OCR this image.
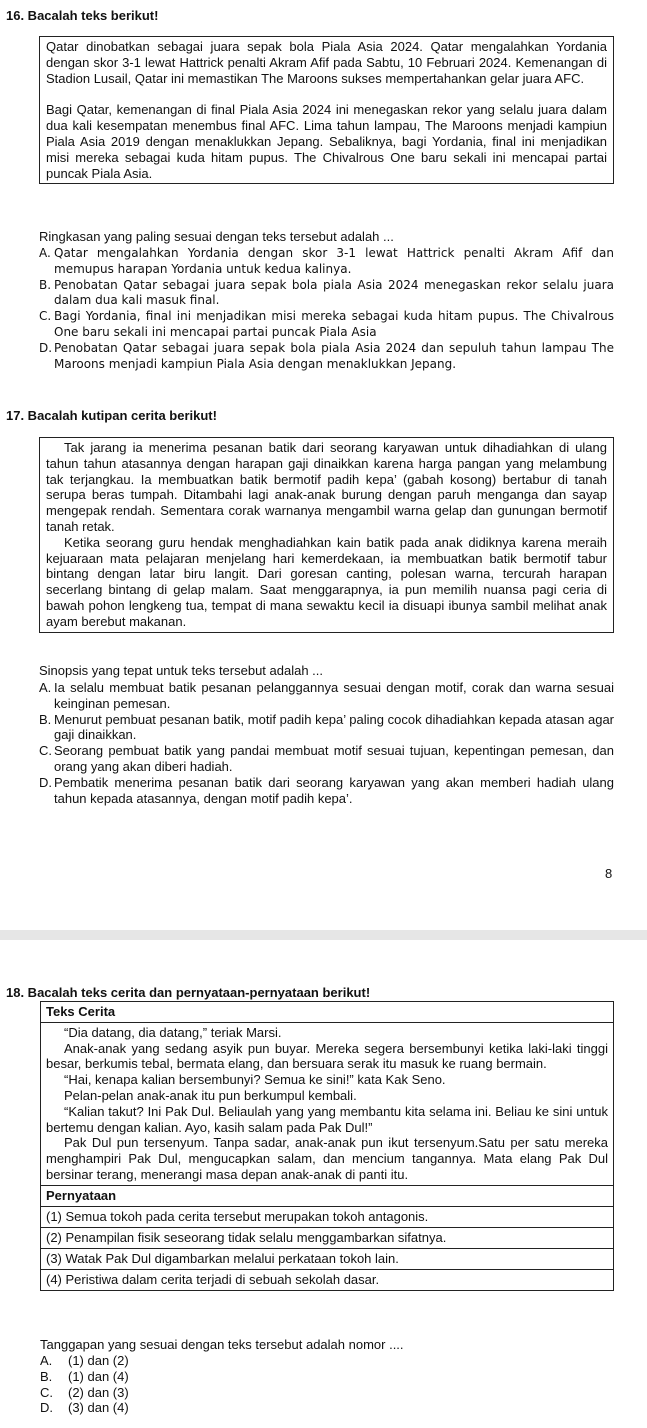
16. Bacalah teks berikut!

Qatar dinobatkan sebagai juara sepak bola Piala Asia 2024. Qatar mengalahkan Yordania dengan skor 3-1 lewat Hattrick penalti Akram Afif pada Sabtu, 10 Februari 2024. Kemenangan di Stadion Lusail, Qatar ini memastikan The Maroons sukses mempertahankan gelar juara AFC.

Bagi Qatar, kemenangan di final Piala Asia 2024 ini menegaskan rekor yang selalu juara dalam dua kali kesempatan menembus final AFC. Lima tahun lampau, The Maroons menjadi kampiun Piala Asia 2019 dengan menaklukkan Jepang. Sebaliknya, bagi Yordania, final ini menjadikan misi mereka sebagai kuda hitam pupus. The Chivalrous One baru sekali ini mencapai partai puncak Piala Asia.

Ringkasan yang paling sesuai dengan teks tersebut adalah ...
A. Qatar mengalahkan Yordania dengan skor 3-1 lewat Hattrick penalti Akram Afif dan memupus harapan Yordania untuk kedua kalinya.
B. Penobatan Qatar sebagai juara sepak bola piala Asia 2024 menegaskan rekor selalu juara dalam dua kali masuk final.
C. Bagi Yordania, final ini menjadikan misi mereka sebagai kuda hitam pupus. The Chivalrous One baru sekali ini mencapai partai puncak Piala Asia
D. Penobatan Qatar sebagai juara sepak bola piala Asia 2024 dan sepuluh tahun lampau The Maroons menjadi kampiun Piala Asia dengan menaklukkan Jepang.
17. Bacalah kutipan cerita berikut!

Tak jarang ia menerima pesanan batik dari seorang karyawan untuk dihadiahkan di ulang tahun tahun atasannya dengan harapan gaji dinaikkan karena harga pangan yang melambung tak terjangkau. Ia membuatkan batik bermotif padih kepa’ (gabah kosong) bertabur di tanah serupa beras tumpah. Ditambahi lagi anak-anak burung dengan paruh menganga dan sayap mengepak rendah. Sementara corak warnanya mengambil warna gelap dan gunungan bermotif tanah retak.

Ketika seorang guru hendak menghadiahkan kain batik pada anak didiknya karena meraih kejuaraan mata pelajaran menjelang hari kemerdekaan, ia membuatkan batik bermotif tabur bintang dengan latar biru langit. Dari goresan canting, polesan warna, tercurah harapan secerlang bintang di gelap malam. Saat menggarapnya, ia pun memilih nuansa pagi ceria di bawah pohon lengkeng tua, tempat di mana sewaktu kecil ia disuapi ibunya sambil melihat anak ayam berebut makanan.

Sinopsis yang tepat untuk teks tersebut adalah ...
A. Ia selalu membuat batik pesanan pelanggannya sesuai dengan motif, corak dan warna sesuai keinginan pemesan.
B. Menurut pembuat pesanan batik, motif padih kepa’ paling cocok dihadiahkan kepada atasan agar gaji dinaikkan.
C. Seorang pembuat batik yang pandai membuat motif sesuai tujuan, kepentingan pemesan, dan orang yang akan diberi hadiah.
D. Pembatik menerima pesanan batik dari seorang karyawan yang akan memberi hadiah ulang tahun kepada atasannya, dengan motif padih kepa’.
8
18. Bacalah teks cerita dan pernyataan-pernyataan berikut!
Teks Cerita

“Dia datang, dia datang,” teriak Marsi.
Anak-anak yang sedang asyik pun buyar. Mereka segera bersembunyi ketika laki-laki tinggi besar, berkumis tebal, bermata elang, dan bersuara serak itu masuk ke ruang bermain.
“Hai, kenapa kalian bersembunyi? Semua ke sini!” kata Kak Seno.
Pelan-pelan anak-anak itu pun berkumpul kembali.
“Kalian takut? Ini Pak Dul. Beliaulah yang yang membantu kita selama ini. Beliau ke sini untuk bertemu dengan kalian. Ayo, kasih salam pada Pak Dul!”
Pak Dul pun tersenyum. Tanpa sadar, anak-anak pun ikut tersenyum.Satu per satu mereka menghampiri Pak Dul, mengucapkan salam, dan mencium tangannya. Mata elang Pak Dul bersinar terang, menerangi masa depan anak-anak di panti itu.

Pernyataan
(1) Semua tokoh pada cerita tersebut merupakan tokoh antagonis.
(2) Penampilan fisik seseorang tidak selalu menggambarkan sifatnya.
(3) Watak Pak Dul digambarkan melalui perkataan tokoh lain.
(4) Peristiwa dalam cerita terjadi di sebuah sekolah dasar.
Tanggapan yang sesuai dengan teks tersebut adalah nomor ....
A.	(1) dan (2)
B.	(1) dan (4)
C.	(2) dan (3)
D.	(3) dan (4)
